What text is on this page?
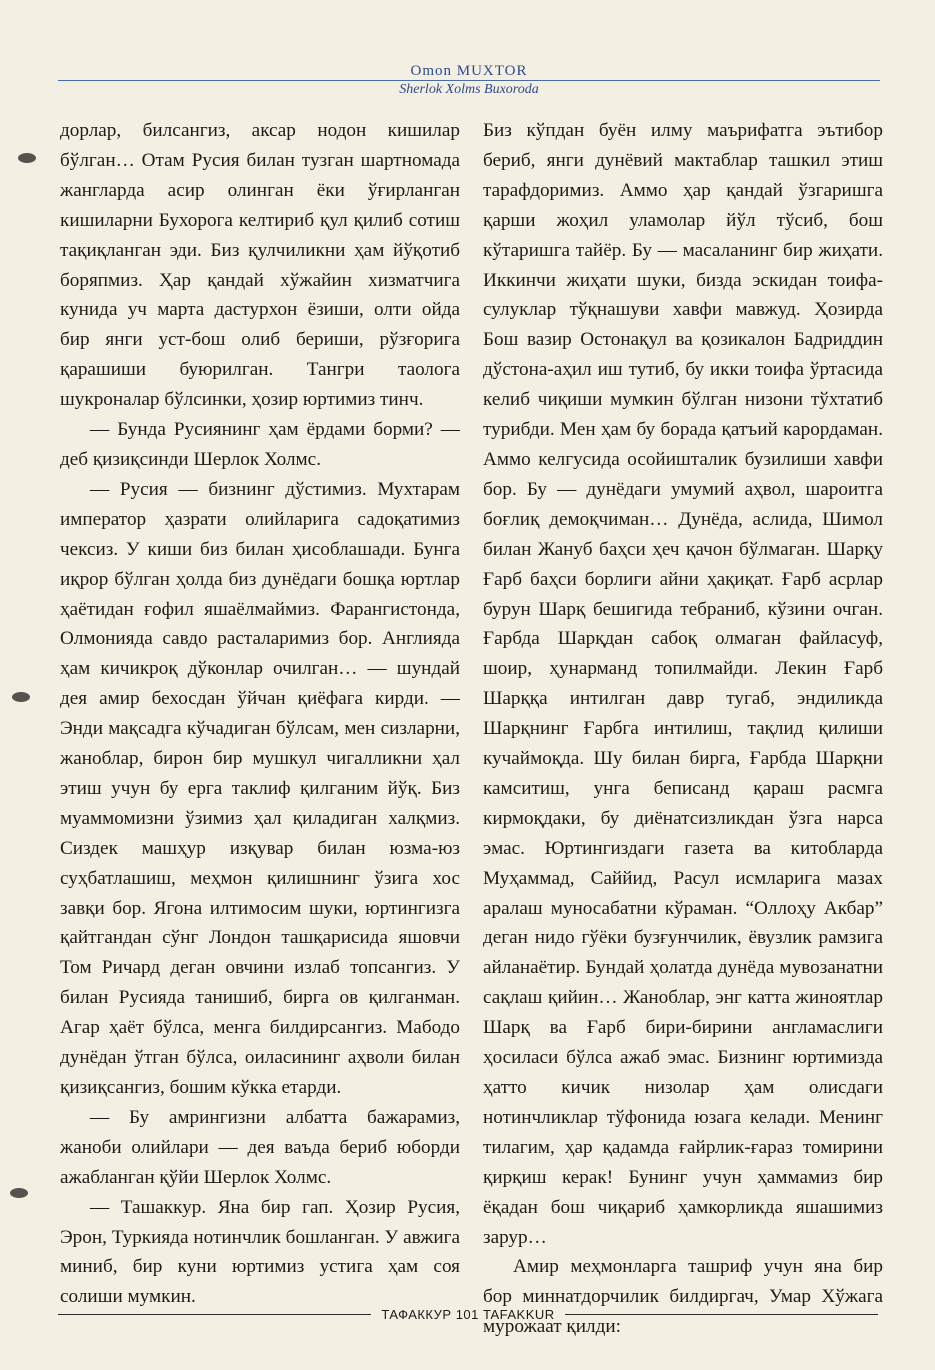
Omon MUXTOR
Sherlok Xolms Buxoroda

дорлар, билсангиз, аксар нодон кишилар бўлган… Отам Русия билан тузган шартномада жангларда асир олинган ёки ўғирланган кишиларни Бухорога келтириб қул қилиб сотиш тақиқланган эди. Биз қулчиликни ҳам йўқотиб боряпмиз. Ҳар қандай хўжайин хизматчига кунида уч марта дастурхон ёзиши, олти ойда бир янги уст-бош олиб бериши, рўзғорига қарашиши буюрилган. Тангри таолога шукроналар бўлсинки, ҳозир юртимиз тинч.

— Бунда Русиянинг ҳам ёрдами борми? — деб қизиқсинди Шерлок Холмс.

— Русия — бизнинг дўстимиз. Мухтарам император ҳазрати олийларига садоқатимиз чексиз. У киши биз билан ҳисоблашади. Бунга иқрор бўлган ҳолда биз дунёдаги бошқа юртлар ҳаётидан ғофил яшаёлмаймиз. Фарангистонда, Олмонияда савдо расталаримиз бор. Англияда ҳам кичикроқ дўконлар очилган… — шундай дея амир бехосдан ўйчан қиёфага кирди. — Энди мақсадга кўчадиган бўлсам, мен сизларни, жаноблар, бирон бир мушкул чигалликни ҳал этиш учун бу ерга таклиф қилганим йўқ. Биз муаммомизни ўзимиз ҳал қиладиган халқмиз. Сиздек машҳур изқувар билан юзма-юз суҳбатлашиш, меҳмон қилишнинг ўзига хос завқи бор. Ягона илтимосим шуки, юртингизга қайтгандан сўнг Лондон ташқарисида яшовчи Том Ричард деган овчини излаб топсангиз. У билан Русияда танишиб, бирга ов қилганман. Агар ҳаёт бўлса, менга билдирсангиз. Мабодо дунёдан ўтган бўлса, оиласининг аҳволи билан қизиқсангиз, бошим кўкка етарди.

— Бу амрингизни албатта бажарамиз, жаноби олийлари — дея ваъда бериб юборди ажабланган қўйи Шерлок Холмс.

— Ташаккур. Яна бир гап. Ҳозир Русия, Эрон, Туркияда нотинчлик бошланган. У авжига миниб, бир куни юртимиз устига ҳам соя солиши мумкин.

Биз кўпдан буён илму маърифатга эътибор бериб, янги дунёвий мактаблар ташкил этиш тарафдоримиз. Аммо ҳар қандай ўзгаришга қарши жоҳил уламолар йўл тўсиб, бош кўтаришга тайёр. Бу — масаланинг бир жиҳати. Иккинчи жиҳати шуки, бизда эскидан тоифа-сулуклар тўқнашуви хавфи мавжуд. Ҳозирда Бош вазир Остонақул ва қозикалон Бадриддин дўстона-аҳил иш тутиб, бу икки тоифа ўртасида келиб чиқиши мумкин бўлган низони тўхтатиб турибди. Мен ҳам бу борада қатъий карордаман. Аммо келгусида осойишталик бузилиши хавфи бор. Бу — дунёдаги умумий аҳвол, шароитга боғлиқ демоқчиман… Дунёда, аслида, Шимол билан Жануб баҳси ҳеч қачон бўлмаган. Шарқу Ғарб баҳси борлиги айни ҳақиқат. Ғарб асрлар бурун Шарқ бешигида тебраниб, кўзини очган. Ғарбда Шарқдан сабоқ олмаган файласуф, шоир, ҳунарманд топилмайди. Лекин Ғарб Шарққа интилган давр тугаб, эндиликда Шарқнинг Ғарбга интилиш, тақлид қилиши кучаймоқда. Шу билан бирга, Ғарбда Шарқни камситиш, унга беписанд қараш расмга кирмоқдаки, бу диёнатсизликдан ўзга нарса эмас. Юртингиздаги газета ва китобларда Муҳаммад, Саййид, Расул исмларига мазах аралаш муносабатни кўраман. “Оллоҳу Акбар” деган нидо гўёки бузғунчилик, ёвузлик рамзига айланаётир. Бундай ҳолатда дунёда мувозанатни сақлаш қийин… Жаноблар, энг катта жиноятлар Шарқ ва Ғарб бири-бирини англамаслиги ҳосиласи бўлса ажаб эмас. Бизнинг юртимизда ҳатто кичик низолар ҳам олисдаги нотинчликлар тўфонида юзага келади. Менинг тилагим, ҳар қадамда ғайрлик-ғараз томирини қирқиш керак! Бунинг учун ҳаммамиз бир ёқадан бош чиқариб ҳамкорликда яшашимиз зарур…

Амир меҳмонларга ташриф учун яна бир бор миннатдорчилик билдиргач, Умар Хўжага мурожаат қилди:

ТАФАККУР 101 TAFAKKUR
